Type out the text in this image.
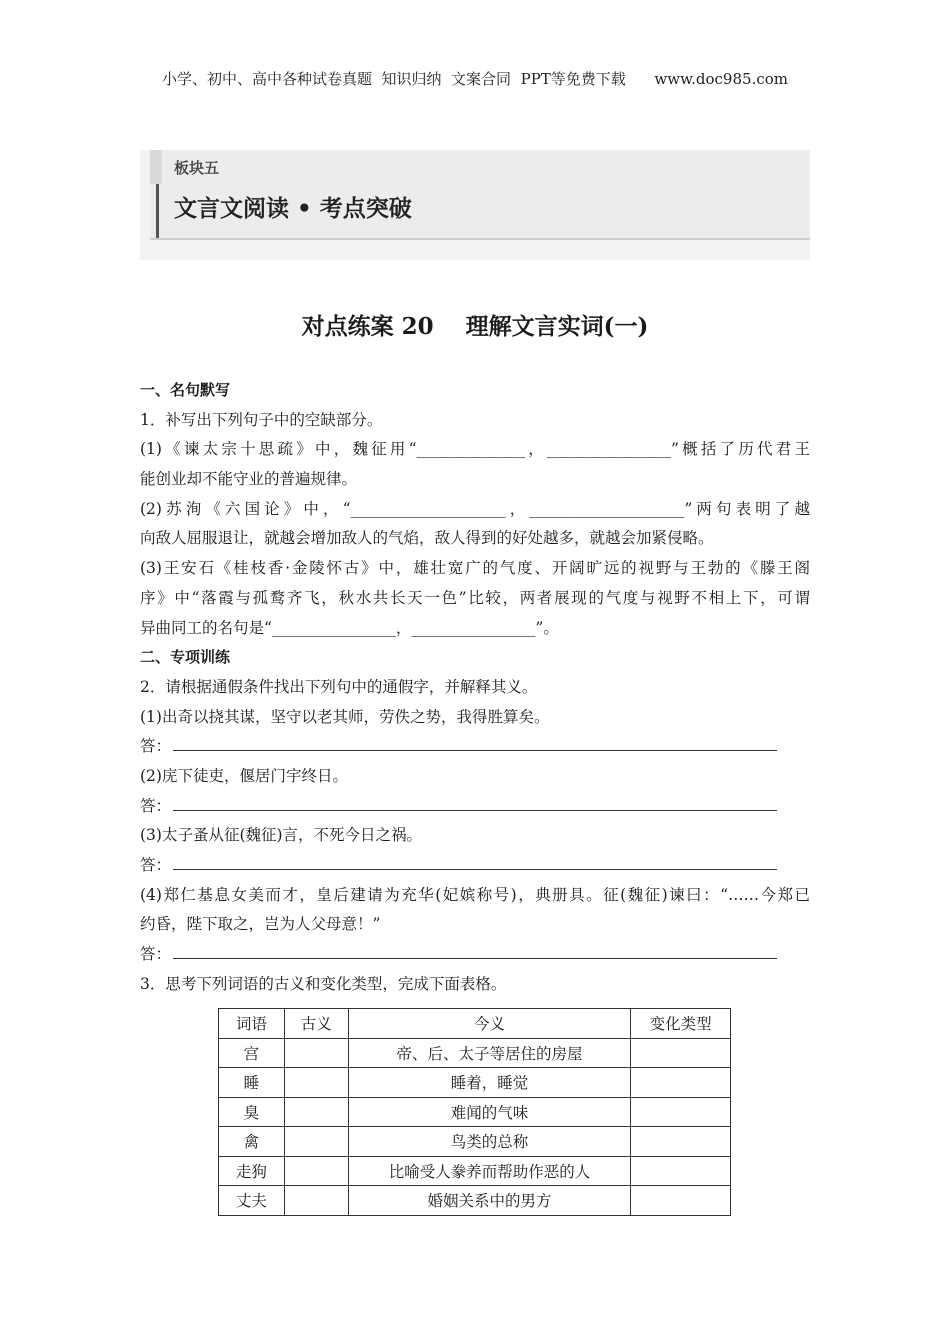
小学、初中、高中各种试卷真题  知识归纳  文案合同  PPT等免费下载      www.doc985.com
板块五
文言文阅读 • 考点突破
对点练案 20    理解文言实词(一)
一、名句默写
1．补写出下列句子中的空缺部分。
(1)《谏太宗十思疏》中，魏征用“______________，________________”概括了历代君王
能创业却不能守业的普遍规律。
(2)苏洵《六国论》中，“____________________，____________________”两句表明了越
向敌人屈服退让，就越会增加敌人的气焰，敌人得到的好处越多，就越会加紧侵略。
(3)王安石《桂枝香·金陵怀古》中，雄壮宽广的气度、开阔旷远的视野与王勃的《滕王阁
序》中“落霞与孤鹜齐飞，秋水共长天一色”比较，两者展现的气度与视野不相上下，可谓
异曲同工的名句是“________________，________________”。
二、专项训练
2．请根据通假条件找出下列句中的通假字，并解释其义。
(1)出奇以挠其谋，坚守以老其师，劳佚之势，我得胜算矣。
答：
(2)庑下徒吏，偃居门宇终日。
答：
(3)太子蚤从征(魏征)言，不死今日之祸。
答：
(4)郑仁基息女美而才，皇后建请为充华(妃嫔称号)，典册具。征(魏征)谏曰：“……今郑已
约昏，陛下取之，岂为人父母意！”
答：
3．思考下列词语的古义和变化类型，完成下面表格。
词语	古义	今义	变化类型
宫		帝、后、太子等居住的房屋	
睡		睡着，睡觉	
臭		难闻的气味	
禽		鸟类的总称	
走狗		比喻受人豢养而帮助作恶的人	
丈夫		婚姻关系中的男方	
